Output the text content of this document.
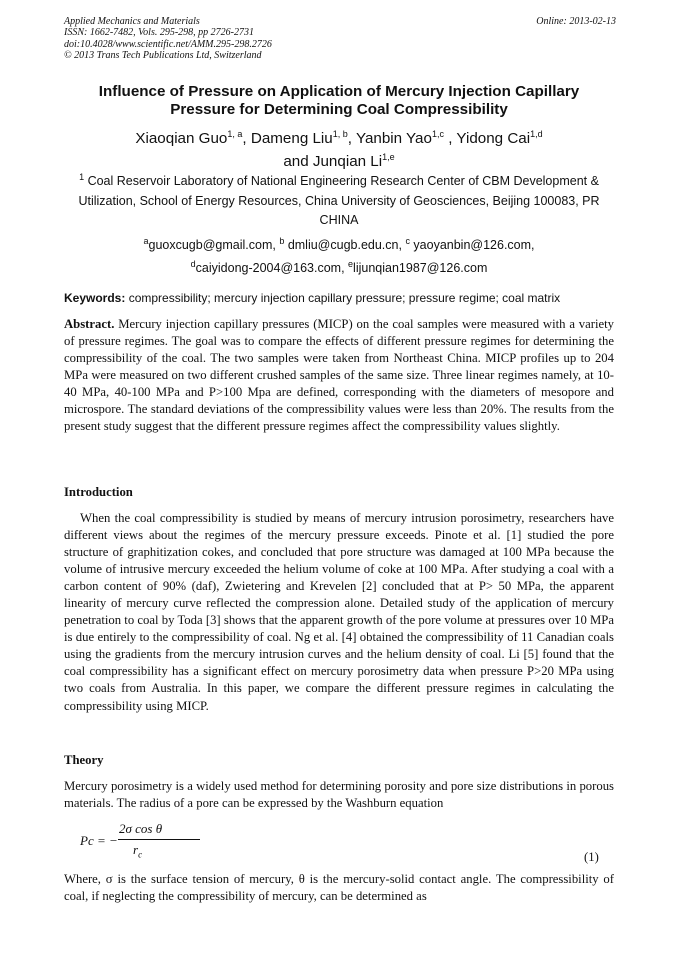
Applied Mechanics and Materials
ISSN: 1662-7482, Vols. 295-298, pp 2726-2731
doi:10.4028/www.scientific.net/AMM.295-298.2726
© 2013 Trans Tech Publications Ltd, Switzerland
Online: 2013-02-13
Influence of Pressure on Application of Mercury Injection Capillary
Pressure for Determining Coal Compressibility
Xiaoqian Guo$^{1, a}$, Dameng Liu$^{1, b}$, Yanbin Yao$^{1,c}$ , Yidong Cai$^{1,d}$
and Junqian Li$^{1,e}$
$^1$ Coal Reservoir Laboratory of National Engineering Research Center of CBM Development &
Utilization, School of Energy Resources, China University of Geosciences, Beijing 100083, PR
CHINA
$^a$guoxcugb@gmail.com, $^b$ dmliu@cugb.edu.cn, $^c$ yaoyanbin@126.com,
$^d$caiyidong-2004@163.com, $^e$lijunqian1987@126.com
Keywords: compressibility; mercury injection capillary pressure; pressure regime; coal matrix
Abstract. Mercury injection capillary pressures (MICP) on the coal samples were measured with a variety of pressure regimes. The goal was to compare the effects of different pressure regimes for determining the compressibility of the coal. The two samples were taken from Northeast China. MICP profiles up to 204 MPa were measured on two different crushed samples of the same size. Three linear regimes namely, at 10-40 MPa, 40-100 MPa and P>100 Mpa are defined, corresponding with the diameters of mesopore and microspore. The standard deviations of the compressibility values were less than 20%. The results from the present study suggest that the different pressure regimes affect the compressibility values slightly.
Introduction
When the coal compressibility is studied by means of mercury intrusion porosimetry, researchers have different views about the regimes of the mercury pressure exceeds. Pinote et al. [1] studied the pore structure of graphitization cokes, and concluded that pore structure was damaged at 100 MPa because the volume of intrusive mercury exceeded the helium volume of coke at 100 MPa. After studying a coal with a carbon content of 90% (daf), Zwietering and Krevelen [2] concluded that at P> 50 MPa, the apparent linearity of mercury curve reflected the compression alone. Detailed study of the application of mercury penetration to coal by Toda [3] shows that the apparent growth of the pore volume at pressures over 10 MPa is due entirely to the compressibility of coal. Ng et al. [4] obtained the compressibility of 11 Canadian coals using the gradients from the mercury intrusion curves and the helium density of coal. Li [5] found that the coal compressibility has a significant effect on mercury porosimetry data when pressure P>20 MPa using two coals from Australia. In this paper, we compare the different pressure regimes in calculating the compressibility using MICP.
Theory
Mercury porosimetry is a widely used method for determining porosity and pore size distributions in porous materials. The radius of a pore can be expressed by the Washburn equation
Pc = −
2σ cos θ
$r_c$	(1)
Where, σ is the surface tension of mercury, θ is the mercury-solid contact angle. The compressibility of coal, if neglecting the compressibility of mercury, can be determined as
